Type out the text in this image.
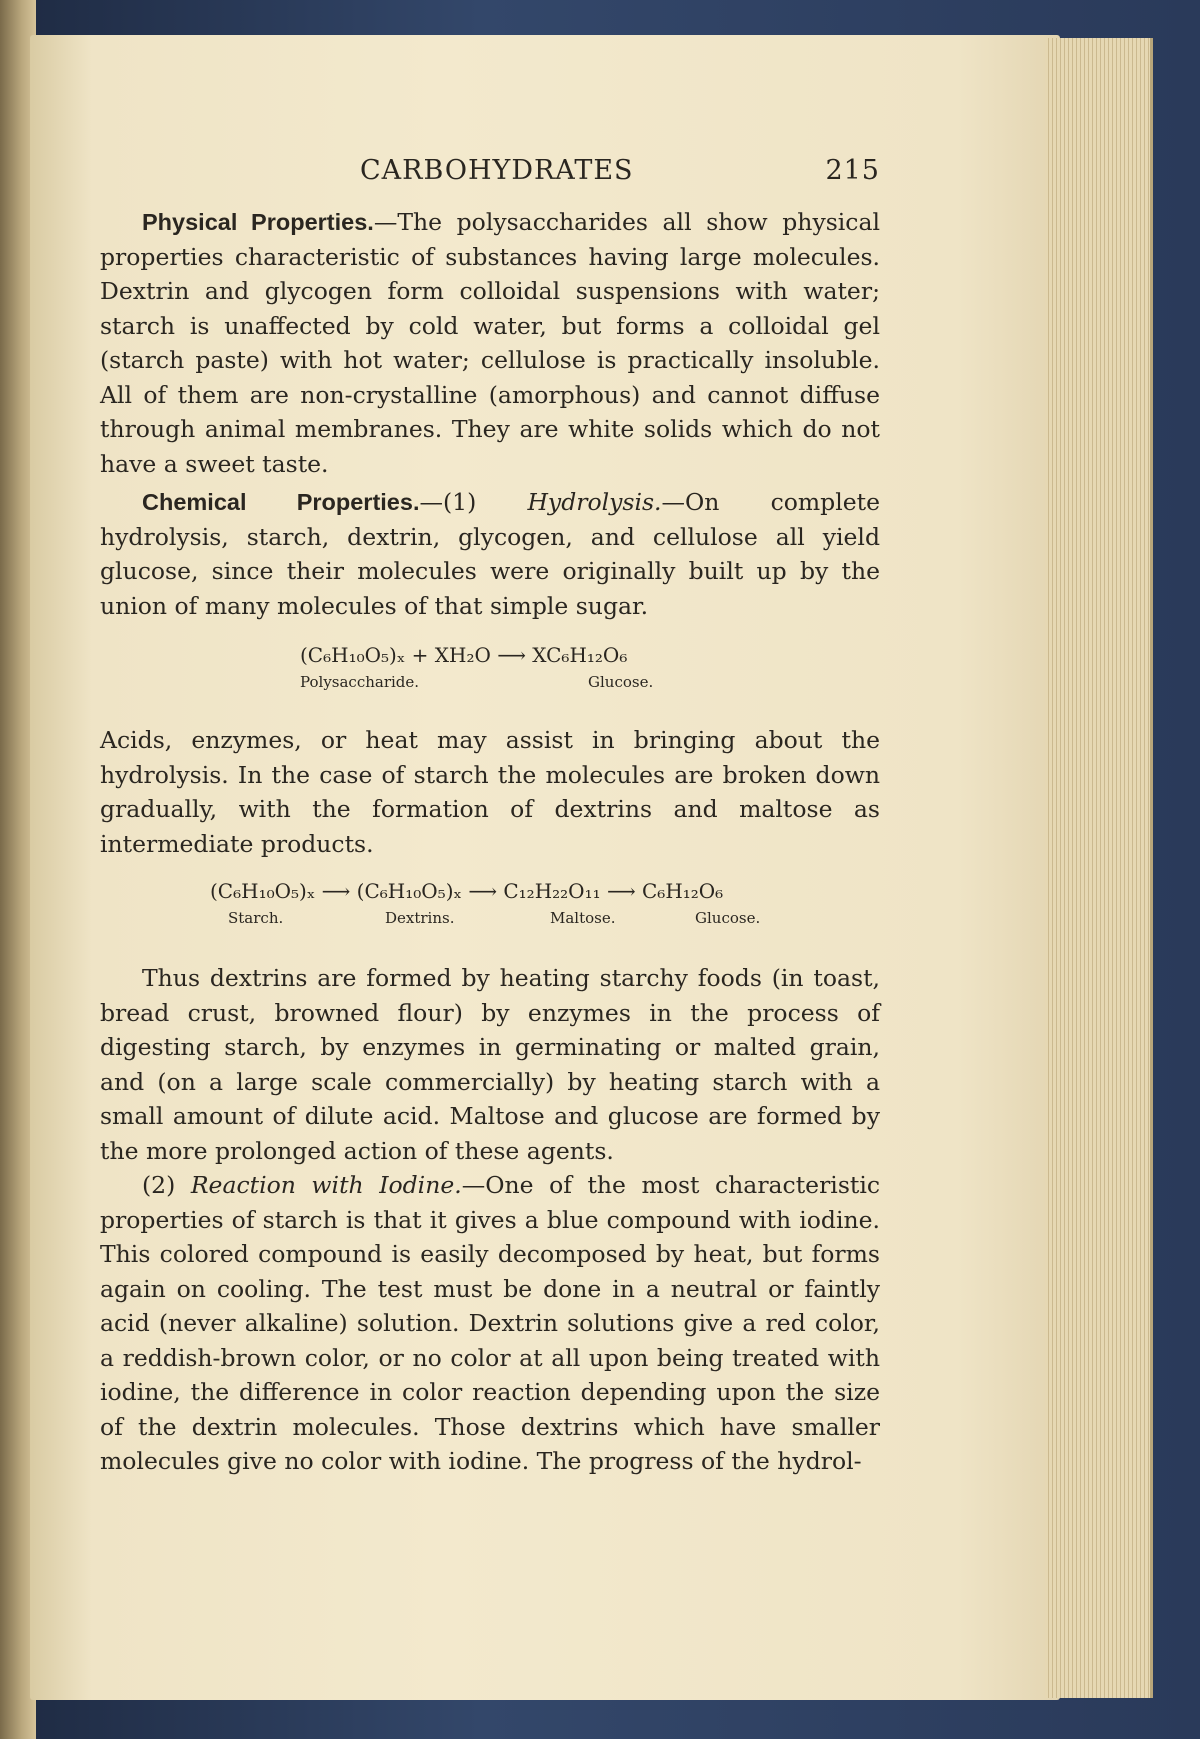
CARBOHYDRATES	215

Physical Properties.—The polysaccharides all show physical properties characteristic of substances having large molecules. Dextrin and glycogen form colloidal suspensions with water; starch is unaffected by cold water, but forms a colloidal gel (starch paste) with hot water; cellulose is practically insoluble. All of them are non-crystalline (amorphous) and cannot diffuse through animal membranes. They are white solids which do not have a sweet taste.

Chemical Properties.—(1) Hydrolysis.—On complete hydrolysis, starch, dextrin, glycogen, and cellulose all yield glucose, since their molecules were originally built up by the union of many molecules of that simple sugar.

(C₆H₁₀O₅)ₓ + XH₂O ⟶ XC₆H₁₂O₆
Polysaccharide.	Glucose.

Acids, enzymes, or heat may assist in bringing about the hydrolysis. In the case of starch the molecules are broken down gradually, with the formation of dextrins and maltose as intermediate products.

(C₆H₁₀O₅)ₓ ⟶ (C₆H₁₀O₅)ₓ ⟶ C₁₂H₂₂O₁₁ ⟶ C₆H₁₂O₆
Starch.	Dextrins.	Maltose.	Glucose.

Thus dextrins are formed by heating starchy foods (in toast, bread crust, browned flour) by enzymes in the process of digesting starch, by enzymes in germinating or malted grain, and (on a large scale commercially) by heating starch with a small amount of dilute acid. Maltose and glucose are formed by the more prolonged action of these agents.

(2) Reaction with Iodine.—One of the most characteristic properties of starch is that it gives a blue compound with iodine. This colored compound is easily decomposed by heat, but forms again on cooling. The test must be done in a neutral or faintly acid (never alkaline) solution. Dextrin solutions give a red color, a reddish-brown color, or no color at all upon being treated with iodine, the difference in color reaction depending upon the size of the dextrin molecules. Those dextrins which have smaller molecules give no color with iodine. The progress of the hydrol-
